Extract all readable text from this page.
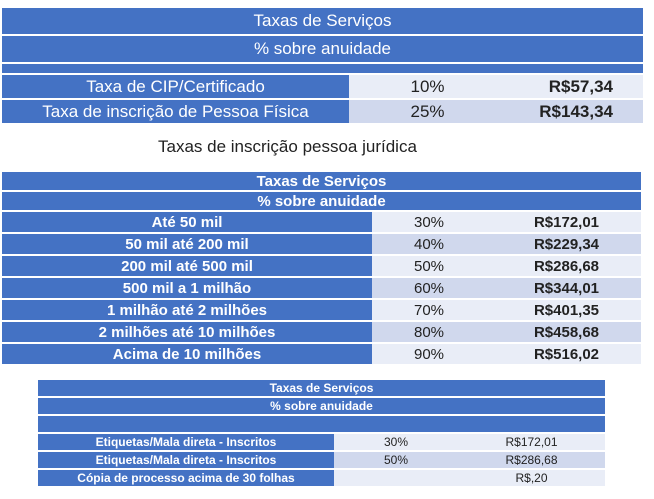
Taxas de Serviços		
% sobre anuidade		

Taxa de CIP/Certificado	10%	R$57,34
Taxa de inscrição de Pessoa Física	25%	R$143,34
Taxas de inscrição pessoa jurídica
Taxas de Serviços		
% sobre anuidade		
Até 50 mil	30%	R$172,01
50 mil até 200 mil	40%	R$229,34
200 mil até 500 mil	50%	R$286,68
500 mil a 1 milhão	60%	R$344,01
1 milhão até 2 milhões	70%	R$401,35
2 milhões até 10 milhões	80%	R$458,68
Acima de 10 milhões	90%	R$516,02
Taxas de Serviços		
% sobre anuidade		

Etiquetas/Mala direta - Inscritos	30%	R$172,01
Etiquetas/Mala direta - Inscritos	50%	R$286,68
Cópia de processo acima de 30 folhas		R$,20
